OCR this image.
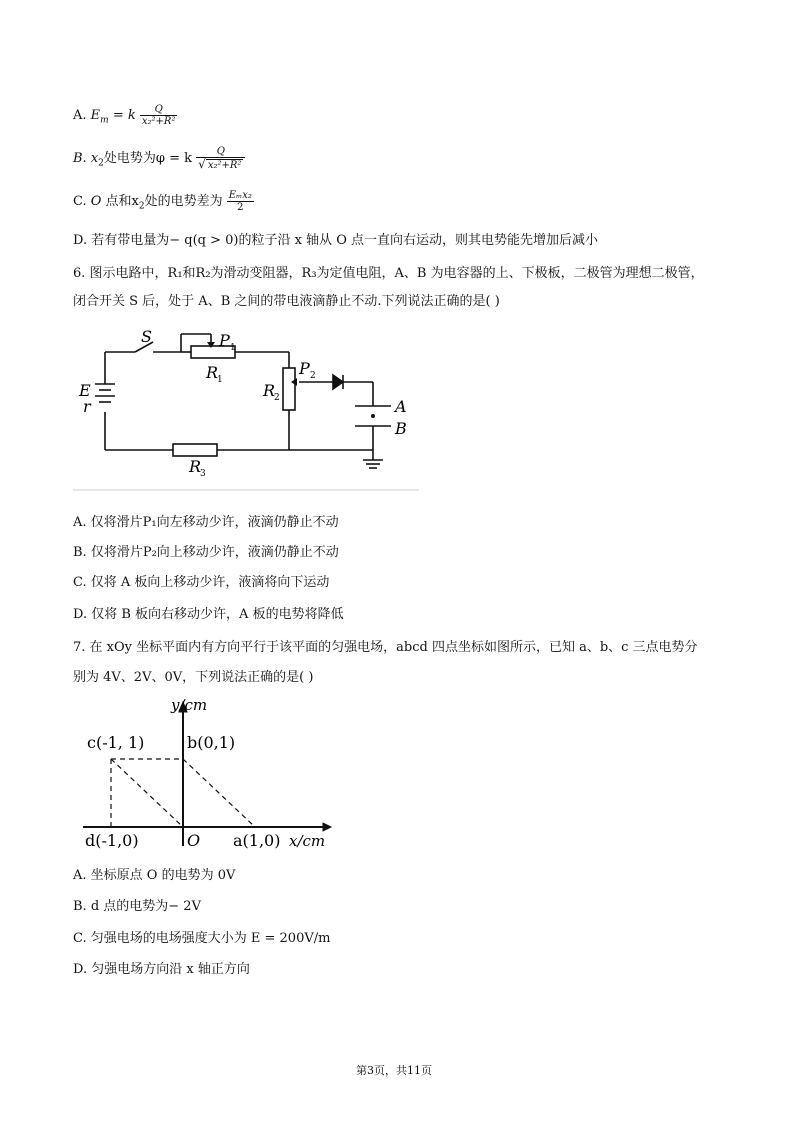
A. $E_m = k \frac{Q}{\text{x₂²+R²}}$
B. $x_2$处电势为φ = k $\frac{Q}{\text{√ x₂²+R²}}$
C. O 点和$x_2$处的电势差为 $\frac{\text{Eₘx₂}}{2}$
D. 若有带电量为− q(q > 0)的粒子沿 x 轴从 O 点一直向右运动，则其电势能先增加后减小
6. 图示电路中，R₁和R₂为滑动变阻器，R₃为定值电阻，A、B 为电容器的上、下极板，二极管为理想二极管，
闭合开关 S 后，处于 A、B 之间的带电液滴静止不动.下列说法正确的是( )
S	P 1
R
1
R
2
P 2
E
r	A
B
R
3
A. 仅将滑片P₁向左移动少许，液滴仍静止不动
B. 仅将滑片P₂向上移动少许，液滴仍静止不动
C. 仅将 A 板向上移动少许，液滴将向下运动
D. 仅将 B 板向右移动少许，A 板的电势将降低
7. 在 xOy 坐标平面内有方向平行于该平面的匀强电场，abcd 四点坐标如图所示，已知 a、b、c 三点电势分
别为 4V、2V、0V，下列说法正确的是( )
y/cm
x/cm
c(-1, 1)	b(0,1)
d(-1,0)	O a(1,0)
A. 坐标原点 O 的电势为 0V
B. d 点的电势为− 2V
C. 匀强电场的电场强度大小为 E = 200V/m
D. 匀强电场方向沿 x 轴正方向
第3页，共11页
